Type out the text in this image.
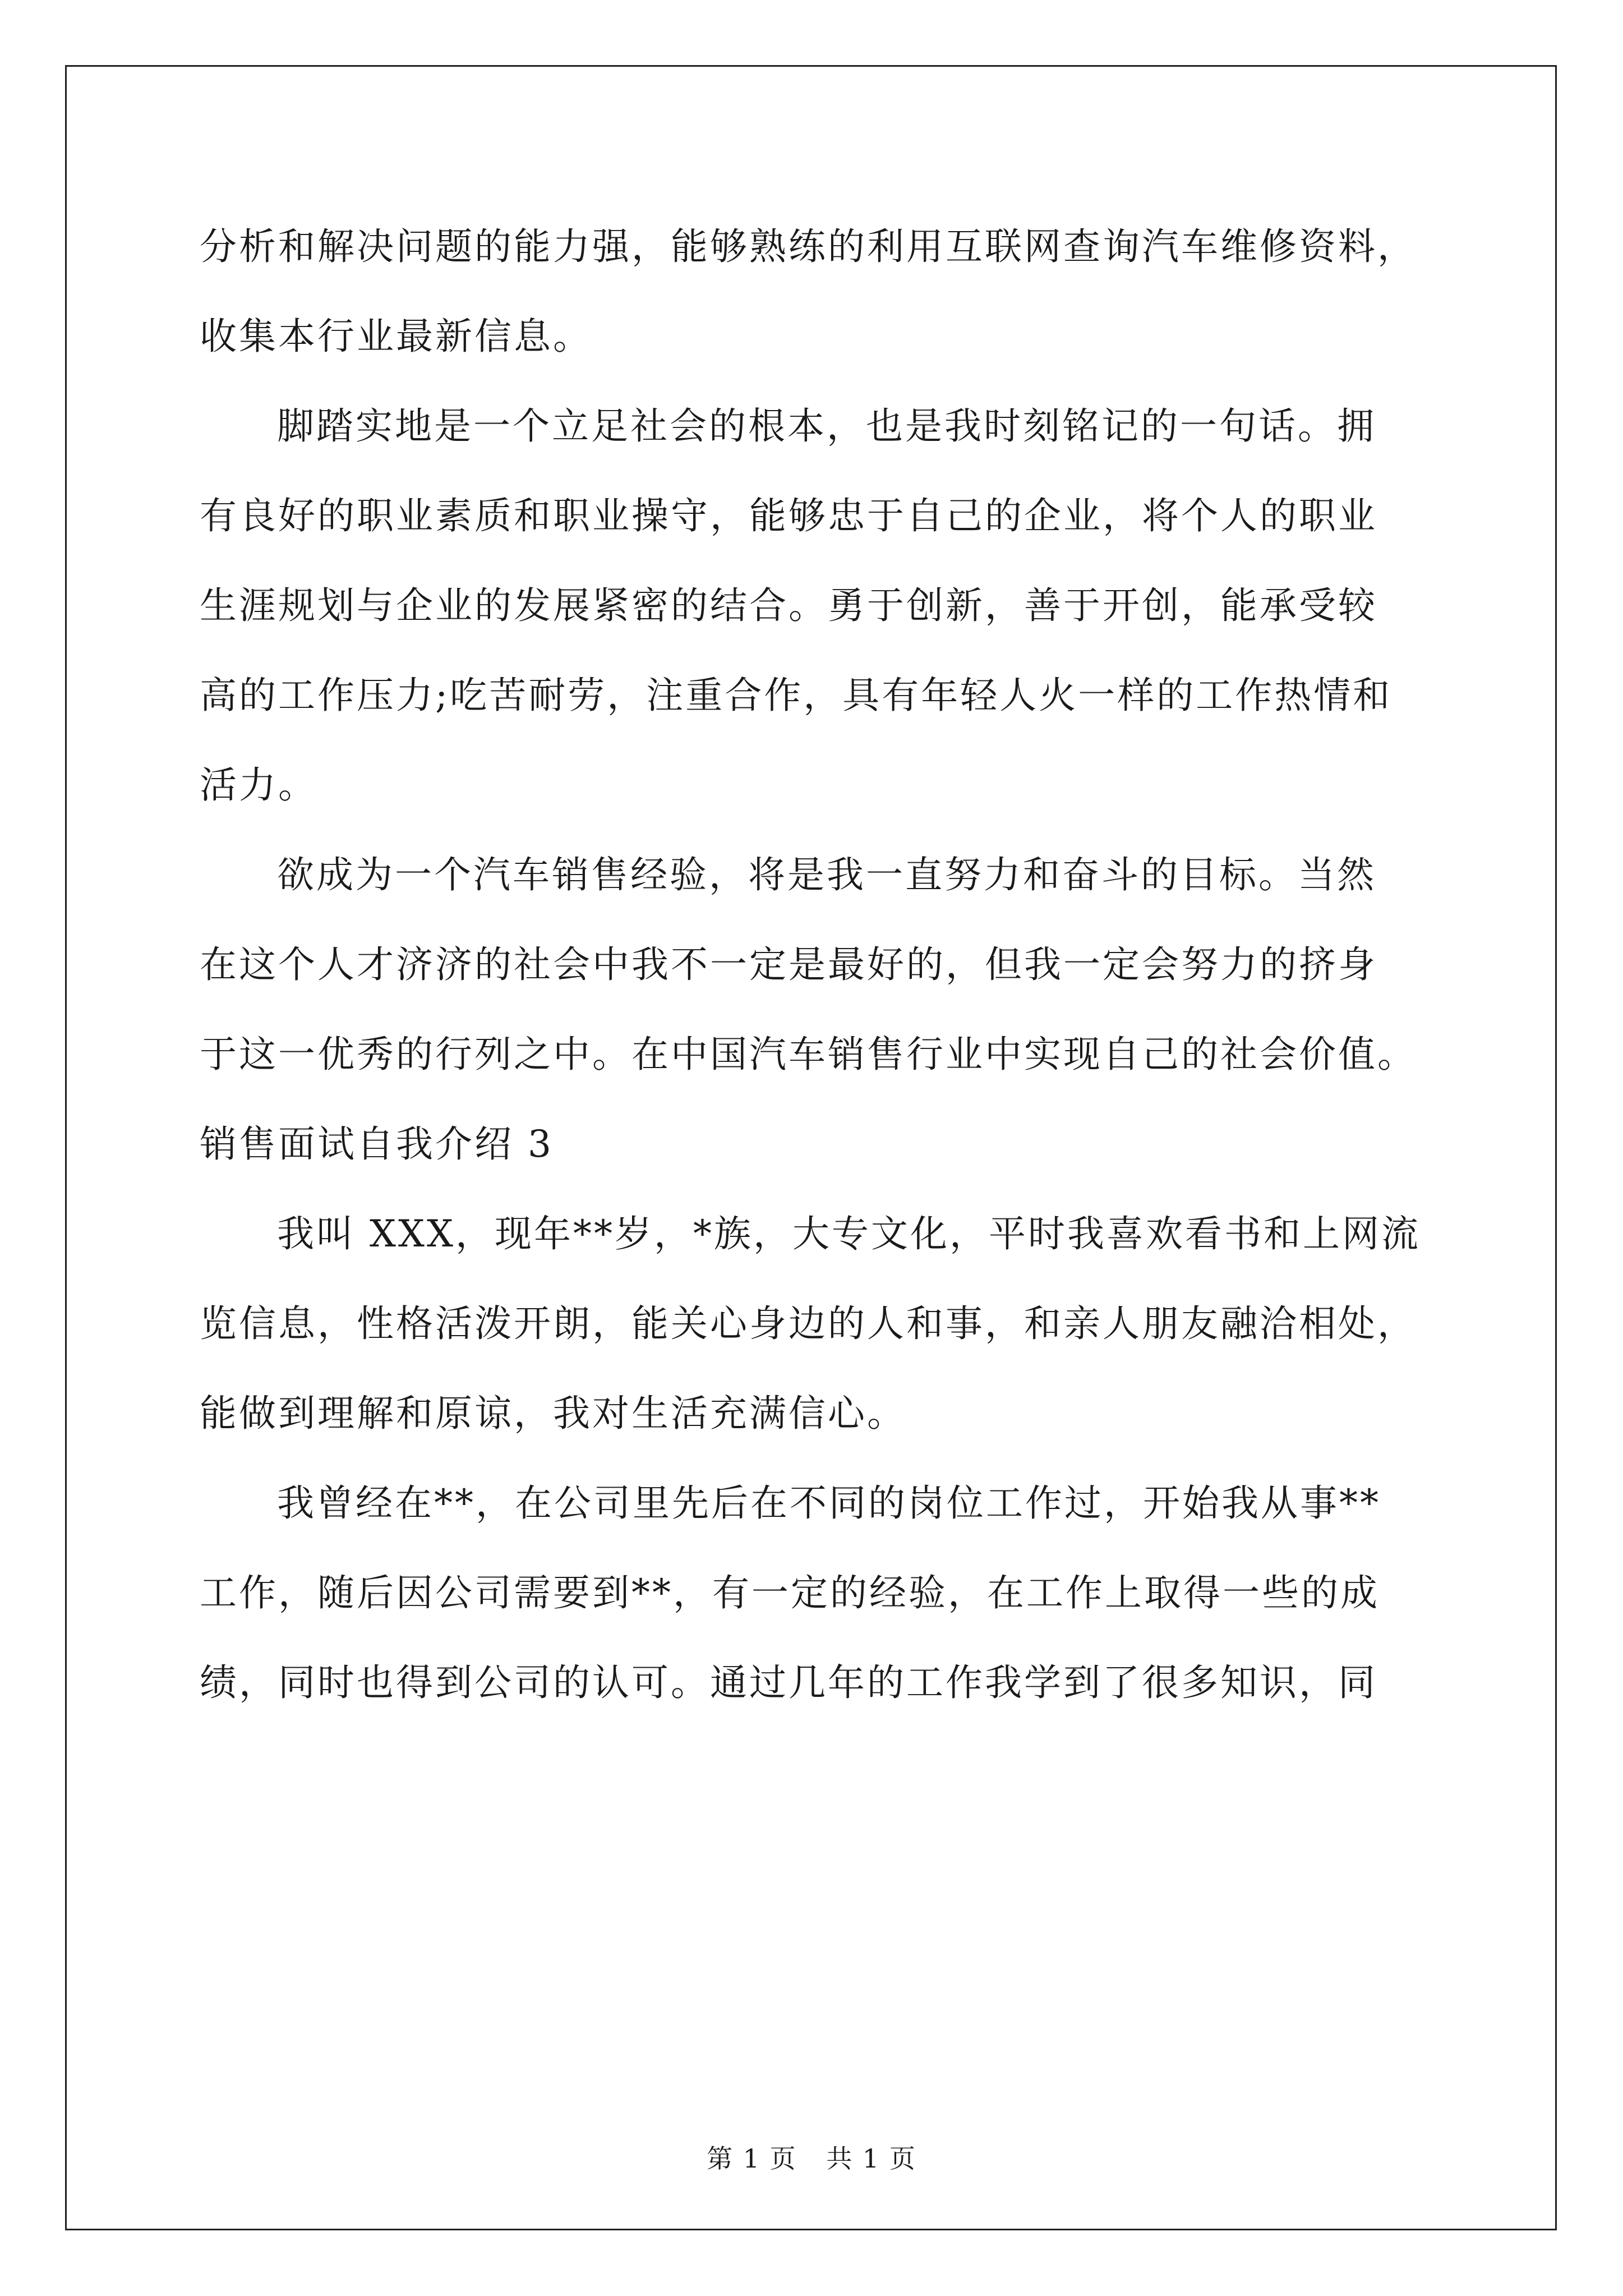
分析和解决问题的能力强，能够熟练的利用互联网查询汽车维修资料，
收集本行业最新信息。
脚踏实地是一个立足社会的根本，也是我时刻铭记的一句话。拥
有良好的职业素质和职业操守，能够忠于自己的企业，将个人的职业
生涯规划与企业的发展紧密的结合。勇于创新，善于开创，能承受较
高的工作压力;吃苦耐劳，注重合作，具有年轻人火一样的工作热情和
活力。
欲成为一个汽车销售经验，将是我一直努力和奋斗的目标。当然
在这个人才济济的社会中我不一定是最好的，但我一定会努力的挤身
于这一优秀的行列之中。在中国汽车销售行业中实现自己的社会价值。
销售面试自我介绍 3
我叫 XXX，现年**岁，*族，大专文化，平时我喜欢看书和上网流
览信息，性格活泼开朗，能关心身边的人和事，和亲人朋友融洽相处，
能做到理解和原谅，我对生活充满信心。
我曾经在**，在公司里先后在不同的岗位工作过，开始我从事**
工作，随后因公司需要到**，有一定的经验，在工作上取得一些的成
绩，同时也得到公司的认可。通过几年的工作我学到了很多知识，同
第 1 页 共 1 页
